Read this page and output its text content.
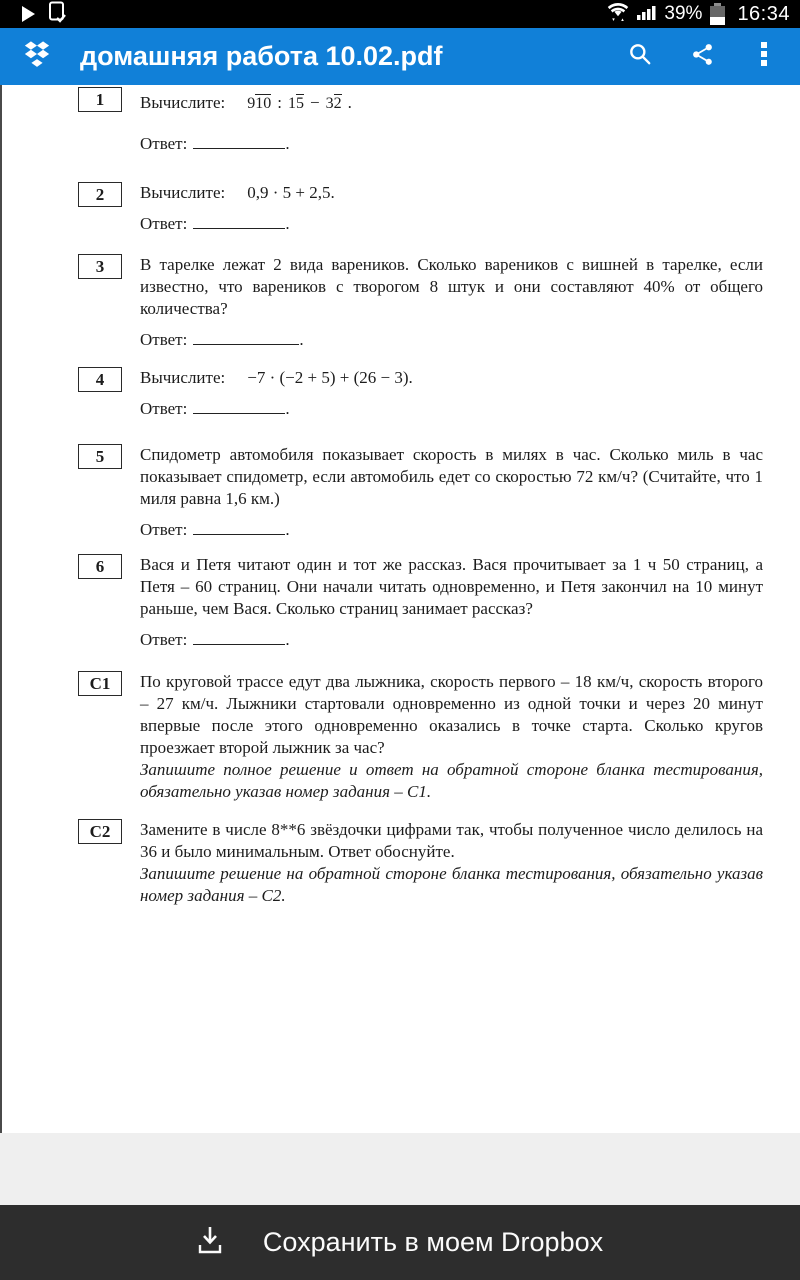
39% 16:34
домашняя работа 10.02.pdf
1	Вычислите: 910 : 15 − 32 .
Ответ:	.
2	Вычислите: 0,9 · 5 + 2,5.
Ответ:	.
3	В тарелке лежат 2 вида вареников. Сколько вареников с вишней в тарелке, если известно, что вареников с творогом 8 штук и они составляют 40% от общего количества?
Ответ:	.
4	Вычислите: −7 · (−2 + 5) + (26 − 3).
Ответ:	.
5	Спидометр автомобиля показывает скорость в милях в час. Сколько миль в час показывает спидометр, если автомобиль едет со скоростью 72 км/ч? (Считайте, что 1 миля равна 1,6 км.)
Ответ:	.
6	Вася и Петя читают один и тот же рассказ. Вася прочитывает за 1 ч 50 страниц, а Петя – 60 страниц. Они начали читать одновременно, и Петя закончил на 10 минут раньше, чем Вася. Сколько страниц занимает рассказ?
Ответ:	.
С1	По круговой трассе едут два лыжника, скорость первого – 18 км/ч, скорость второго – 27 км/ч. Лыжники стартовали одновременно из одной точки и через 20 минут впервые после этого одновременно оказались в точке старта. Сколько кругов проезжает второй лыжник за час?
Запишите полное решение и ответ на обратной стороне бланка тестирования, обязательно указав номер задания – С1.
С2	Замените в числе 8**6 звёздочки цифрами так, чтобы полученное число делилось на 36 и было минимальным. Ответ обоснуйте.
Запишите решение на обратной стороне бланка тестирования, обязательно указав номер задания – С2.
Сохранить в моем Dropbox
